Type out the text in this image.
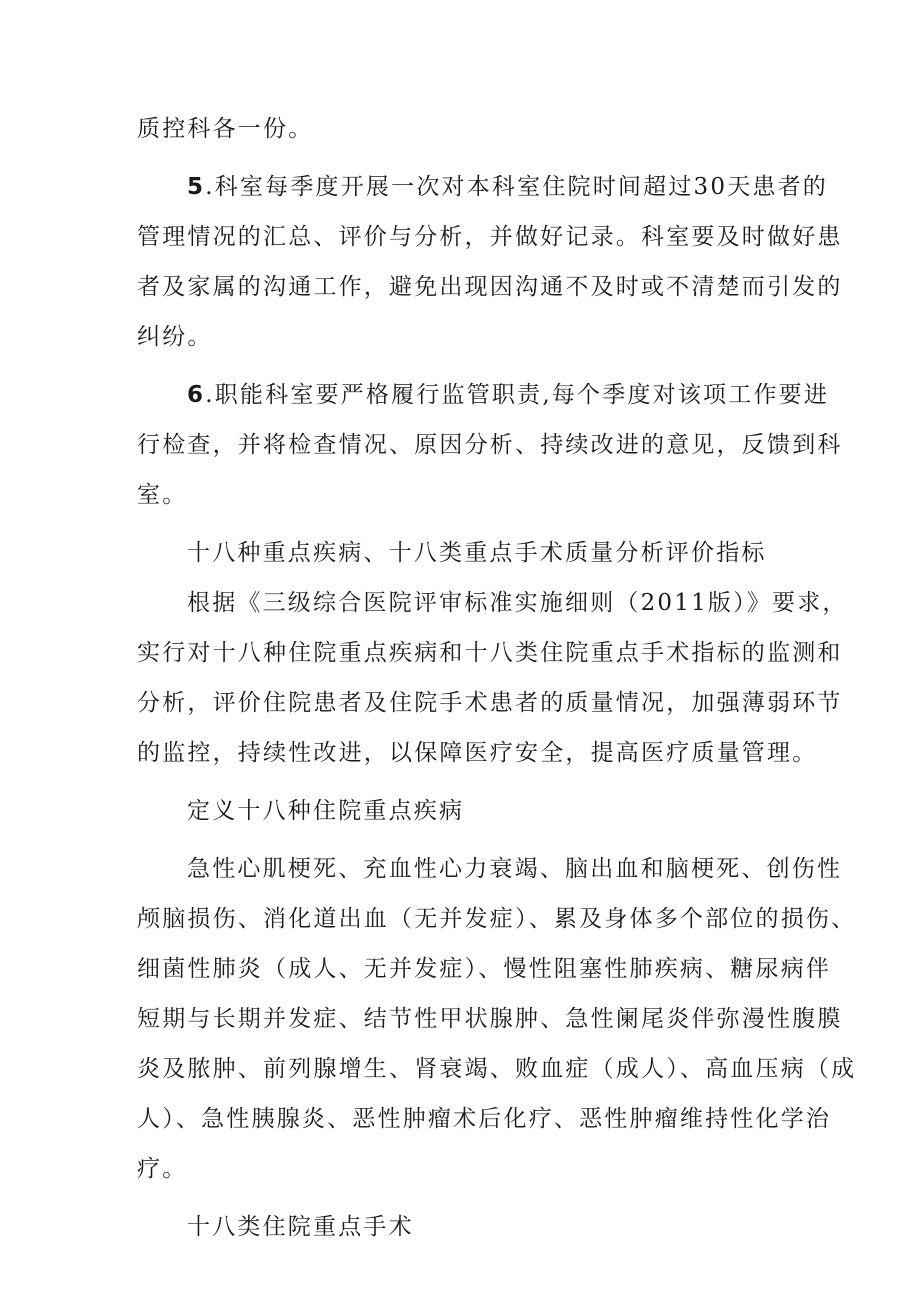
质控科各一份。
5.科室每季度开展一次对本科室住院时间超过30天患者的
管理情况的汇总、评价与分析，并做好记录。科室要及时做好患
者及家属的沟通工作，避免出现因沟通不及时或不清楚而引发的
纠纷。
6.职能科室要严格履行监管职责,每个季度对该项工作要进
行检查，并将检查情况、原因分析、持续改进的意见，反馈到科
室。
十八种重点疾病、十八类重点手术质量分析评价指标
根据《三级综合医院评审标准实施细则（2011版）》要求，
实行对十八种住院重点疾病和十八类住院重点手术指标的监测和
分析，评价住院患者及住院手术患者的质量情况，加强薄弱环节
的监控，持续性改进，以保障医疗安全，提高医疗质量管理。
定义十八种住院重点疾病
急性心肌梗死、充血性心力衰竭、脑出血和脑梗死、创伤性
颅脑损伤、消化道出血（无并发症）、累及身体多个部位的损伤、
细菌性肺炎（成人、无并发症）、慢性阻塞性肺疾病、糖尿病伴
短期与长期并发症、结节性甲状腺肿、急性阑尾炎伴弥漫性腹膜
炎及脓肿、前列腺增生、肾衰竭、败血症（成人）、高血压病（成
人）、急性胰腺炎、恶性肿瘤术后化疗、恶性肿瘤维持性化学治
疗。
十八类住院重点手术
